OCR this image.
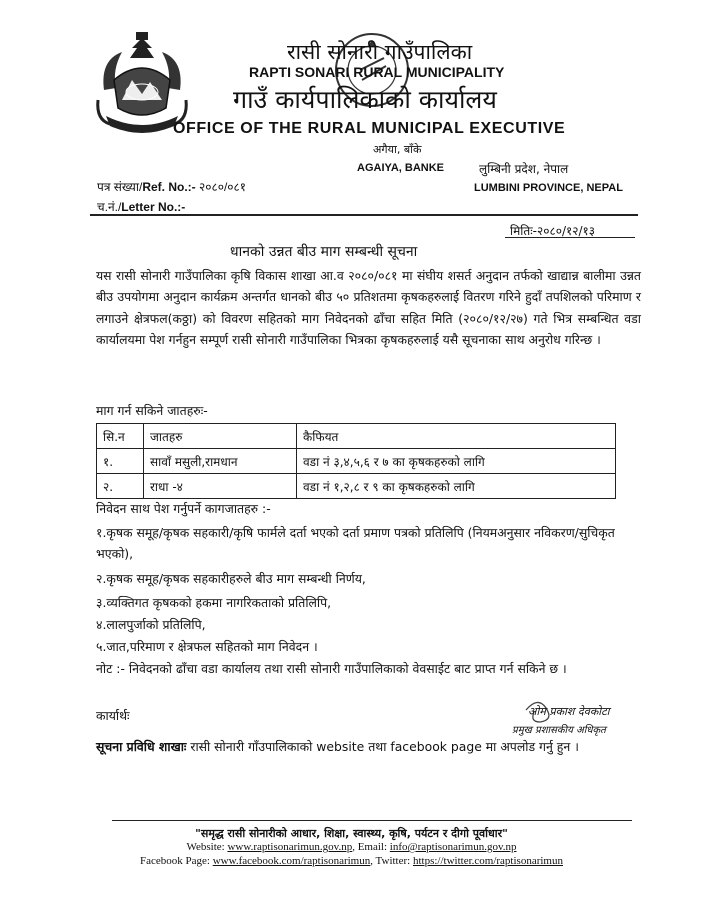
रासी सोनारी गाउँपालिका
RAPTI SONARI RURAL MUNICIPALITY
गाउँ कार्यपालिकाको कार्यालय
OFFICE OF THE RURAL MUNICIPAL EXECUTIVE
अगैया, बाँके
AGAIYA, BANKE	लुम्बिनी प्रदेश, नेपाल
LUMBINI PROVINCE, NEPAL
पत्र संख्या/Ref. No.:- २०८०/०८१
च.नं./Letter No.:-
मितिः-२०८०/१२/१३
धानको उन्नत बीउ माग सम्बन्धी सूचना
यस रासी सोनारी गाउँपालिका कृषि विकास शाखा आ.व २०८०/०८१ मा संघीय शसर्त अनुदान तर्फको खाद्यान्न बालीमा उन्नत बीउ उपयोगमा अनुदान कार्यक्रम अन्तर्गत धानको बीउ ५० प्रतिशतमा कृषकहरुलाई वितरण गरिने हुदाँ तपशिलको परिमाण र लगाउने क्षेत्रफल(कठ्ठा) को विवरण सहितको माग निवेदनको ढाँचा सहित मिति (२०८०/१२/२७) गते भित्र सम्बन्धित वडा कार्यालयमा पेश गर्नहुन सम्पूर्ण रासी सोनारी गाउँपालिका भित्रका कृषकहरुलाई यसै सूचनाका साथ अनुरोध गरिन्छ ।
माग गर्न सकिने जातहरुः-
सि.न	जातहरु	कैफियत
१.	सावाँ मसुली,रामधान	वडा नं ३,४,५,६ र ७ का कृषकहरुको लागि
२.	राधा -४	वडा नं १,२,८ र ९ का कृषकहरुको लागि
निवेदन साथ पेश गर्नुपर्ने कागजातहरु :-
१.कृषक समूह/कृषक सहकारी/कृषि फार्मले दर्ता भएको दर्ता प्रमाण पत्रको प्रतिलिपि (नियमअनुसार नविकरण/सुचिकृत भएको),
२.कृषक समूह/कृषक सहकारीहरुले बीउ माग सम्बन्धी निर्णय,
३.व्यक्तिगत कृषकको हकमा नागरिकताको प्रतिलिपि,
४.लालपुर्जाको प्रतिलिपि,
५.जात,परिमाण र क्षेत्रफल सहितको माग निवेदन ।
नोट :- निवेदनको ढाँचा वडा कार्यालय तथा रासी सोनारी गाउँपालिकाको वेवसाईट बाट प्राप्त गर्न सकिने छ ।
कार्यार्थः	ओम प्रकाश देवकोटा
प्रमुख प्रशासकीय अधिकृत
सूचना प्रविधि शाखाः रासी सोनारी गाँउपालिकाको website तथा facebook page मा अपलोड गर्नु हुन ।
"समृद्ध रासी सोनारीको आधार, शिक्षा, स्वास्थ्य, कृषि, पर्यटन र दीगो पूर्वाधार"
Website: www.raptisonarimun.gov.np, Email: info@raptisonarimun.gov.np
Facebook Page: www.facebook.com/raptisonarimun, Twitter: https://twitter.com/raptisonarimun
